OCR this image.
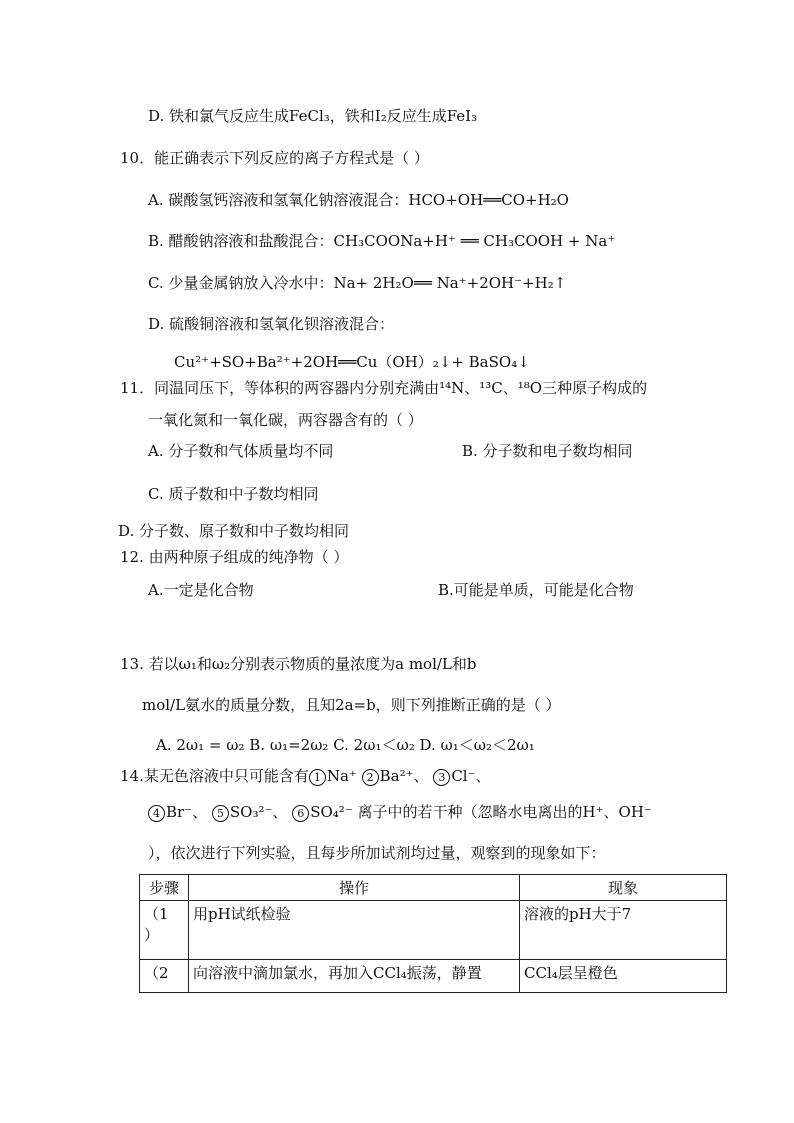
D. 铁和氯气反应生成FeCl₃，铁和I₂反应生成FeI₃
10．能正确表示下列反应的离子方程式是（ ）
A. 碳酸氢钙溶液和氢氧化钠溶液混合：HCO+OH══CO+H₂O
B. 醋酸钠溶液和盐酸混合：CH₃COONa+H⁺ ══ CH₃COOH + Na⁺
C. 少量金属钠放入冷水中：Na+ 2H₂O══ Na⁺+2OH⁻+H₂↑
D. 硫酸铜溶液和氢氧化钡溶液混合：
Cu²⁺+SO+Ba²⁺+2OH══Cu（OH）₂↓+ BaSO₄↓
11．同温同压下，等体积的两容器内分别充满由¹⁴N、¹³C、¹⁸O三种原子构成的
一氧化氮和一氧化碳，两容器含有的（ ）
A. 分子数和气体质量均不同	B. 分子数和电子数均相同
C. 质子数和中子数均相同
D. 分子数、原子数和中子数均相同
12. 由两种原子组成的纯净物（ ）
A.一定是化合物	B.可能是单质，可能是化合物
13. 若以ω₁和ω₂分别表示物质的量浓度为a mol/L和b
mol/L氨水的质量分数，且知2a=b，则下列推断正确的是（ ）
A. 2ω₁ = ω₂ B. ω₁=2ω₂ C. 2ω₁＜ω₂ D. ω₁＜ω₂＜2ω₁
14.某无色溶液中只可能含有 1 Na⁺ 2 Ba²⁺、 3 Cl⁻、
4 Br⁻、 5 SO₃²⁻、 6 SO₄²⁻ 离子中的若干种（忽略水电离出的H⁺、OH⁻
），依次进行下列实验，且每步所加试剂均过量，观察到的现象如下：
步骤	操作	现象
（1
）	用pH试纸检验	溶液的pH大于7
（2	向溶液中滴加氯水，再加入CCl₄振荡，静置	CCl₄层呈橙色
